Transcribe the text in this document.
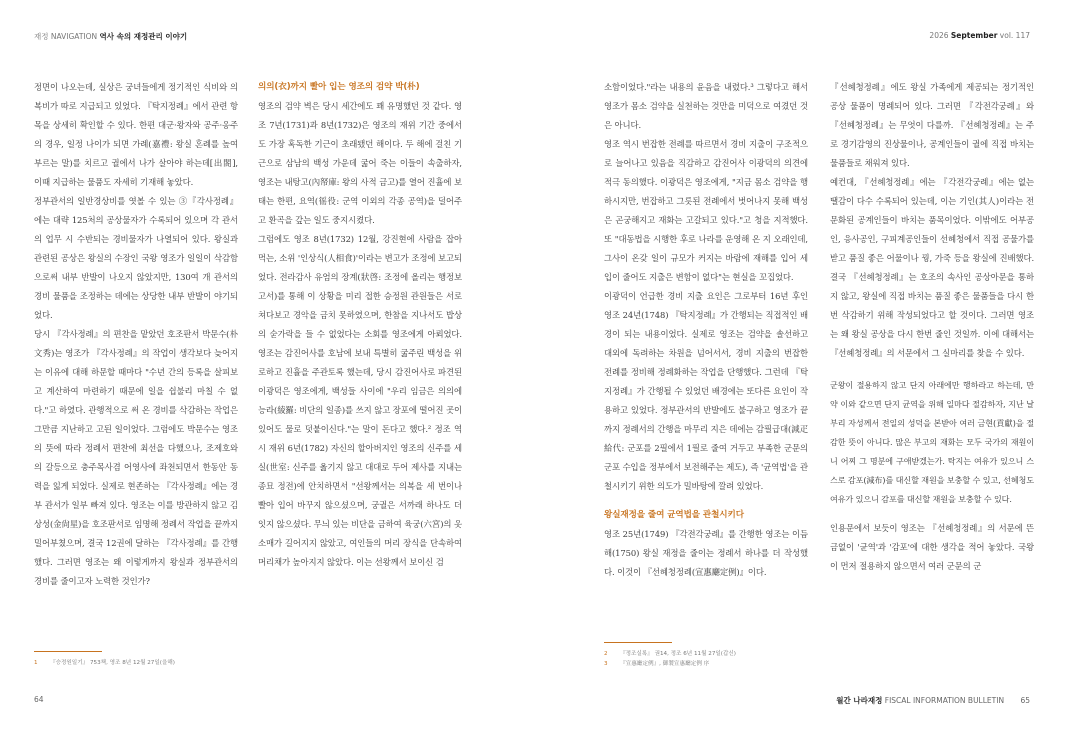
재정 NAVIGATION 역사 속의 재정관리 이야기	2026 September vol. 117

정면이 나오는데, 실상은 궁녀들에게 정기적인 식비와 의복비가 따로 지급되고 있었다. 『탁지정례』에서 관련 항목을 상세히 확인할 수 있다. 한편 대군·왕자와 공주·옹주의 경우, 일정 나이가 되면 가례(嘉禮: 왕실 혼례를 높여 부르는 말)를 치르고 궐에서 나가 살아야 하는데[出閤], 이때 지급하는 물품도 자세히 기재해 놓았다.
정부관서의 일반경상비를 엿볼 수 있는 ③『각사정례』에는 대략 125처의 공상물자가 수록되어 있으며 각 관서의 업무 시 수반되는 경비물자가 나열되어 있다. 왕실과 관련된 공상은 왕실의 수장인 국왕 영조가 일일이 삭감함으로써 내부 반발이 나오지 않았지만, 130여 개 관서의 경비 물품을 조정하는 데에는 상당한 내부 반발이 야기되었다.
당시 『각사정례』의 편찬을 맡았던 호조판서 박문수(朴文秀)는 영조가 『각사정례』의 작업이 생각보다 늦어지는 이유에 대해 하문할 때마다 "수년 간의 등록을 살피보고 계산하여 마련하기 때문에 일을 쉽불리 마칠 수 없다."고 하였다. 관행적으로 써 온 경비를 삭감하는 작업은 그만큼 지난하고 고된 일이었다. 그럼에도 박문수는 영조의 뜻에 따라 정례서 편찬에 최선을 다했으나, 조제호와의 갈등으로 충주목사겸 어영사에 좌천되면서 한동안 동력을 잃게 되었다. 실제로 현존하는 『각사정례』에는 경부 관서가 일부 빠져 있다. 영조는 이를 방관하지 않고 김상성(金尙星)을 호조판서로 임명해 정례서 작업을 끝까지 밀어부쳤으며, 결국 12권에 달하는 『각사정례』를 간행했다. 그러면 영조는 왜 이렇게까지 왕실과 정부관서의 경비를 줄이고자 노력한 것인가?

의의(衣)까지 빨아 입는 영조의 검약 박(朴)

영조의 검약 벽은 당시 세간에도 꽤 유명했던 것 같다. 영조 7년(1731)과 8년(1732)은 영조의 재위 기간 중에서도 가장 혹독한 기근이 초래됐던 해이다. 두 해에 걸친 기근으로 삼남의 백성 가운데 굶어 죽는 이들이 속출하자, 영조는 내탕고(內帑庫: 왕의 사적 금고)를 열어 진휼에 보태는 한편, 요역(徭役: 군역 이외의 각종 공역)을 덜어주고 환곡을 갚는 일도 중지시켰다.
그럼에도 영조 8년(1732) 12월, 강진현에 사람을 잡아 먹는, 소위 '인상식(人相食)'이라는 변고가 조정에 보고되었다. 전라감사 유엄의 장계(狀啓: 조정에 올리는 행정보고서)를 통해 이 상황을 미리 접한 승정원 관원들은 서로 쳐다보고 경악을 금치 못하였으며, 한참을 지나서도 밥상의 숟가락을 들 수 없었다는 소회를 영조에게 아뢰었다. 영조는 감진어사를 호남에 보내 특별히 굶주린 백성을 위로하고 진휼을 주관토록 했는데, 당시 감진어사로 파견된 이광덕은 영조에게, 백성들 사이에 "우리 임금은 의의에 능라(綾羅: 비단의 일종)를 쓰지 않고 장포에 떨어진 곳이 있어도 물로 덧붙이신다."는 말이 돈다고 했다.² 정조 역시 재위 6년(1782) 자신의 할아버지인 영조의 신주를 세실(世室: 신주를 옮기지 않고 대대로 두어 제사를 지내는 종묘 정전)에 안치하면서 "선왕께서는 의복을 세 번이나 빨아 입어 바꾸지 않으셨으며, 궁궐은 서까래 하나도 더 잇지 않으셨다. 무늬 있는 비단을 금하여 육궁(六宮)의 옷소매가 길어지지 않았고, 여인들의 머리 장식을 단속하여 머리채가 높아지지 않았다. 이는 선왕께서 보이신 검

소함이었다."라는 내용의 윤음을 내렸다.³ 그렇다고 해서 영조가 몸소 검약을 실천하는 것만을 미덕으로 여겼던 것은 아니다.
영조 역시 번잡한 전례를 따르면서 경비 지출이 구조적으로 늘어나고 있음을 직감하고 감진어사 이광덕의 의견에 적극 동의했다. 이광덕은 영조에게, "지금 몸소 검약을 행하시지만, 번잡하고 그릇된 전례에서 벗어나지 못해 백성은 곤궁해지고 재화는 고갈되고 있다."고 청을 지적했다. 또 "대동법을 시행한 후로 나라를 운영해 온 지 오래인데, 그사이 온갖 일이 규모가 커지는 바람에 재해를 입어 세입이 줄어도 지출은 변함이 없다"는 현실을 꼬집었다.
이광덕이 언급한 경비 지출 요인은 그로부터 16년 후인 영조 24년(1748) 『탁지정례』가 간행되는 직접적인 배경이 되는 내용이었다. 실제로 영조는 검약을 솔선하고 대외에 독려하는 차원을 넘어서서, 경비 지출의 번잡한 전례를 정비해 정례화하는 작업을 단행했다. 그런데 『탁지정례』가 간행될 수 있었던 배경에는 또다른 요인이 작용하고 있었다. 정부관서의 반발에도 불구하고 영조가 끝까지 정례서의 간행을 마무리 지은 데에는 감필급대(減疋給代: 군포를 2필에서 1필로 줄여 거두고 부족한 군문의 군포 수입을 정부에서 보전해주는 제도), 즉 '균역법'을 관철시키기 위한 의도가 밀바탕에 깔려 있었다.

왕실재정을 줄여 균역법을 관철시키다

영조 25년(1749) 『각전각궁례』를 간행한 영조는 이듬해(1750) 왕실 재정을 줄이는 정례서 하나를 더 작성했다. 이것이 『선혜청정례(宣惠廳定例)』이다.

『선혜청정례』에도 왕실 가족에게 제공되는 정기적인 공상 물품이 명례되어 있다. 그러면 『각전각궁례』와 『선혜청정례』는 무엇이 다를까. 『선혜청정례』는 주로 경기감영의 진상물이나, 공계인들이 궐에 직접 바치는 물품들로 채워져 있다.
예컨대, 『선혜청정례』에는 『각전각궁례』에는 없는 땔감이 다수 수록되어 있는데, 이는 기인(其人)이라는 전문화된 공계인들이 바치는 품목이었다. 이밖에도 어부공인, 응사공인, 구피계공인들이 선혜청에서 직접 공물가를 받고 품질 좋은 어물이나 꿩, 가죽 등을 왕실에 진배했다. 결국 『선혜청정례』는 호조의 속사인 공상아문을 통하지 않고, 왕실에 직접 바치는 품질 좋은 물품들을 다시 한번 삭감하기 위해 작성되었다고 할 것이다. 그러면 영조는 왜 왕실 공상을 다시 한번 줄인 것일까. 이에 대해서는 『선혜청정례』의 서문에서 그 실마리를 찾을 수 있다.

군왕이 절용하지 않고 단지 아래에만 행하라고 하는데, 만약 이와 같으면 단지 균역을 위해 일마다 절감하자, 지난 날 부리 자성께서 전일의 성덕을 본받아 여러 금현(貢獻)을 절감한 뜻이 아니다. 많은 부고의 재화는 모두 국가의 재원이니 어찌 그 명분에 구애받겠는가. 탁지는 여유가 있으니 스스로 감포(減布)를 대신할 재원을 보충할 수 있고, 선혜청도 여유가 있으니 감포를 대신할 재원을 보충할 수 있다.

인용문에서 보듯이 영조는 『선혜청정례』의 서문에 뜬금없이 '균역'과 '감포'에 대한 생각을 적어 놓았다. 국왕이 먼저 절용하지 않으면서 여러 군문의 군

1 『승정원일기』 753책, 영조 8년 12월 27일(을해)
2 『정조실록』 권14, 정조 6년 11월 27일(갑신)
3 『宣惠廳定例』, 御製宣惠廳定例 序
64	월간 나라재정 FISCAL INFORMATION BULLETIN 65
